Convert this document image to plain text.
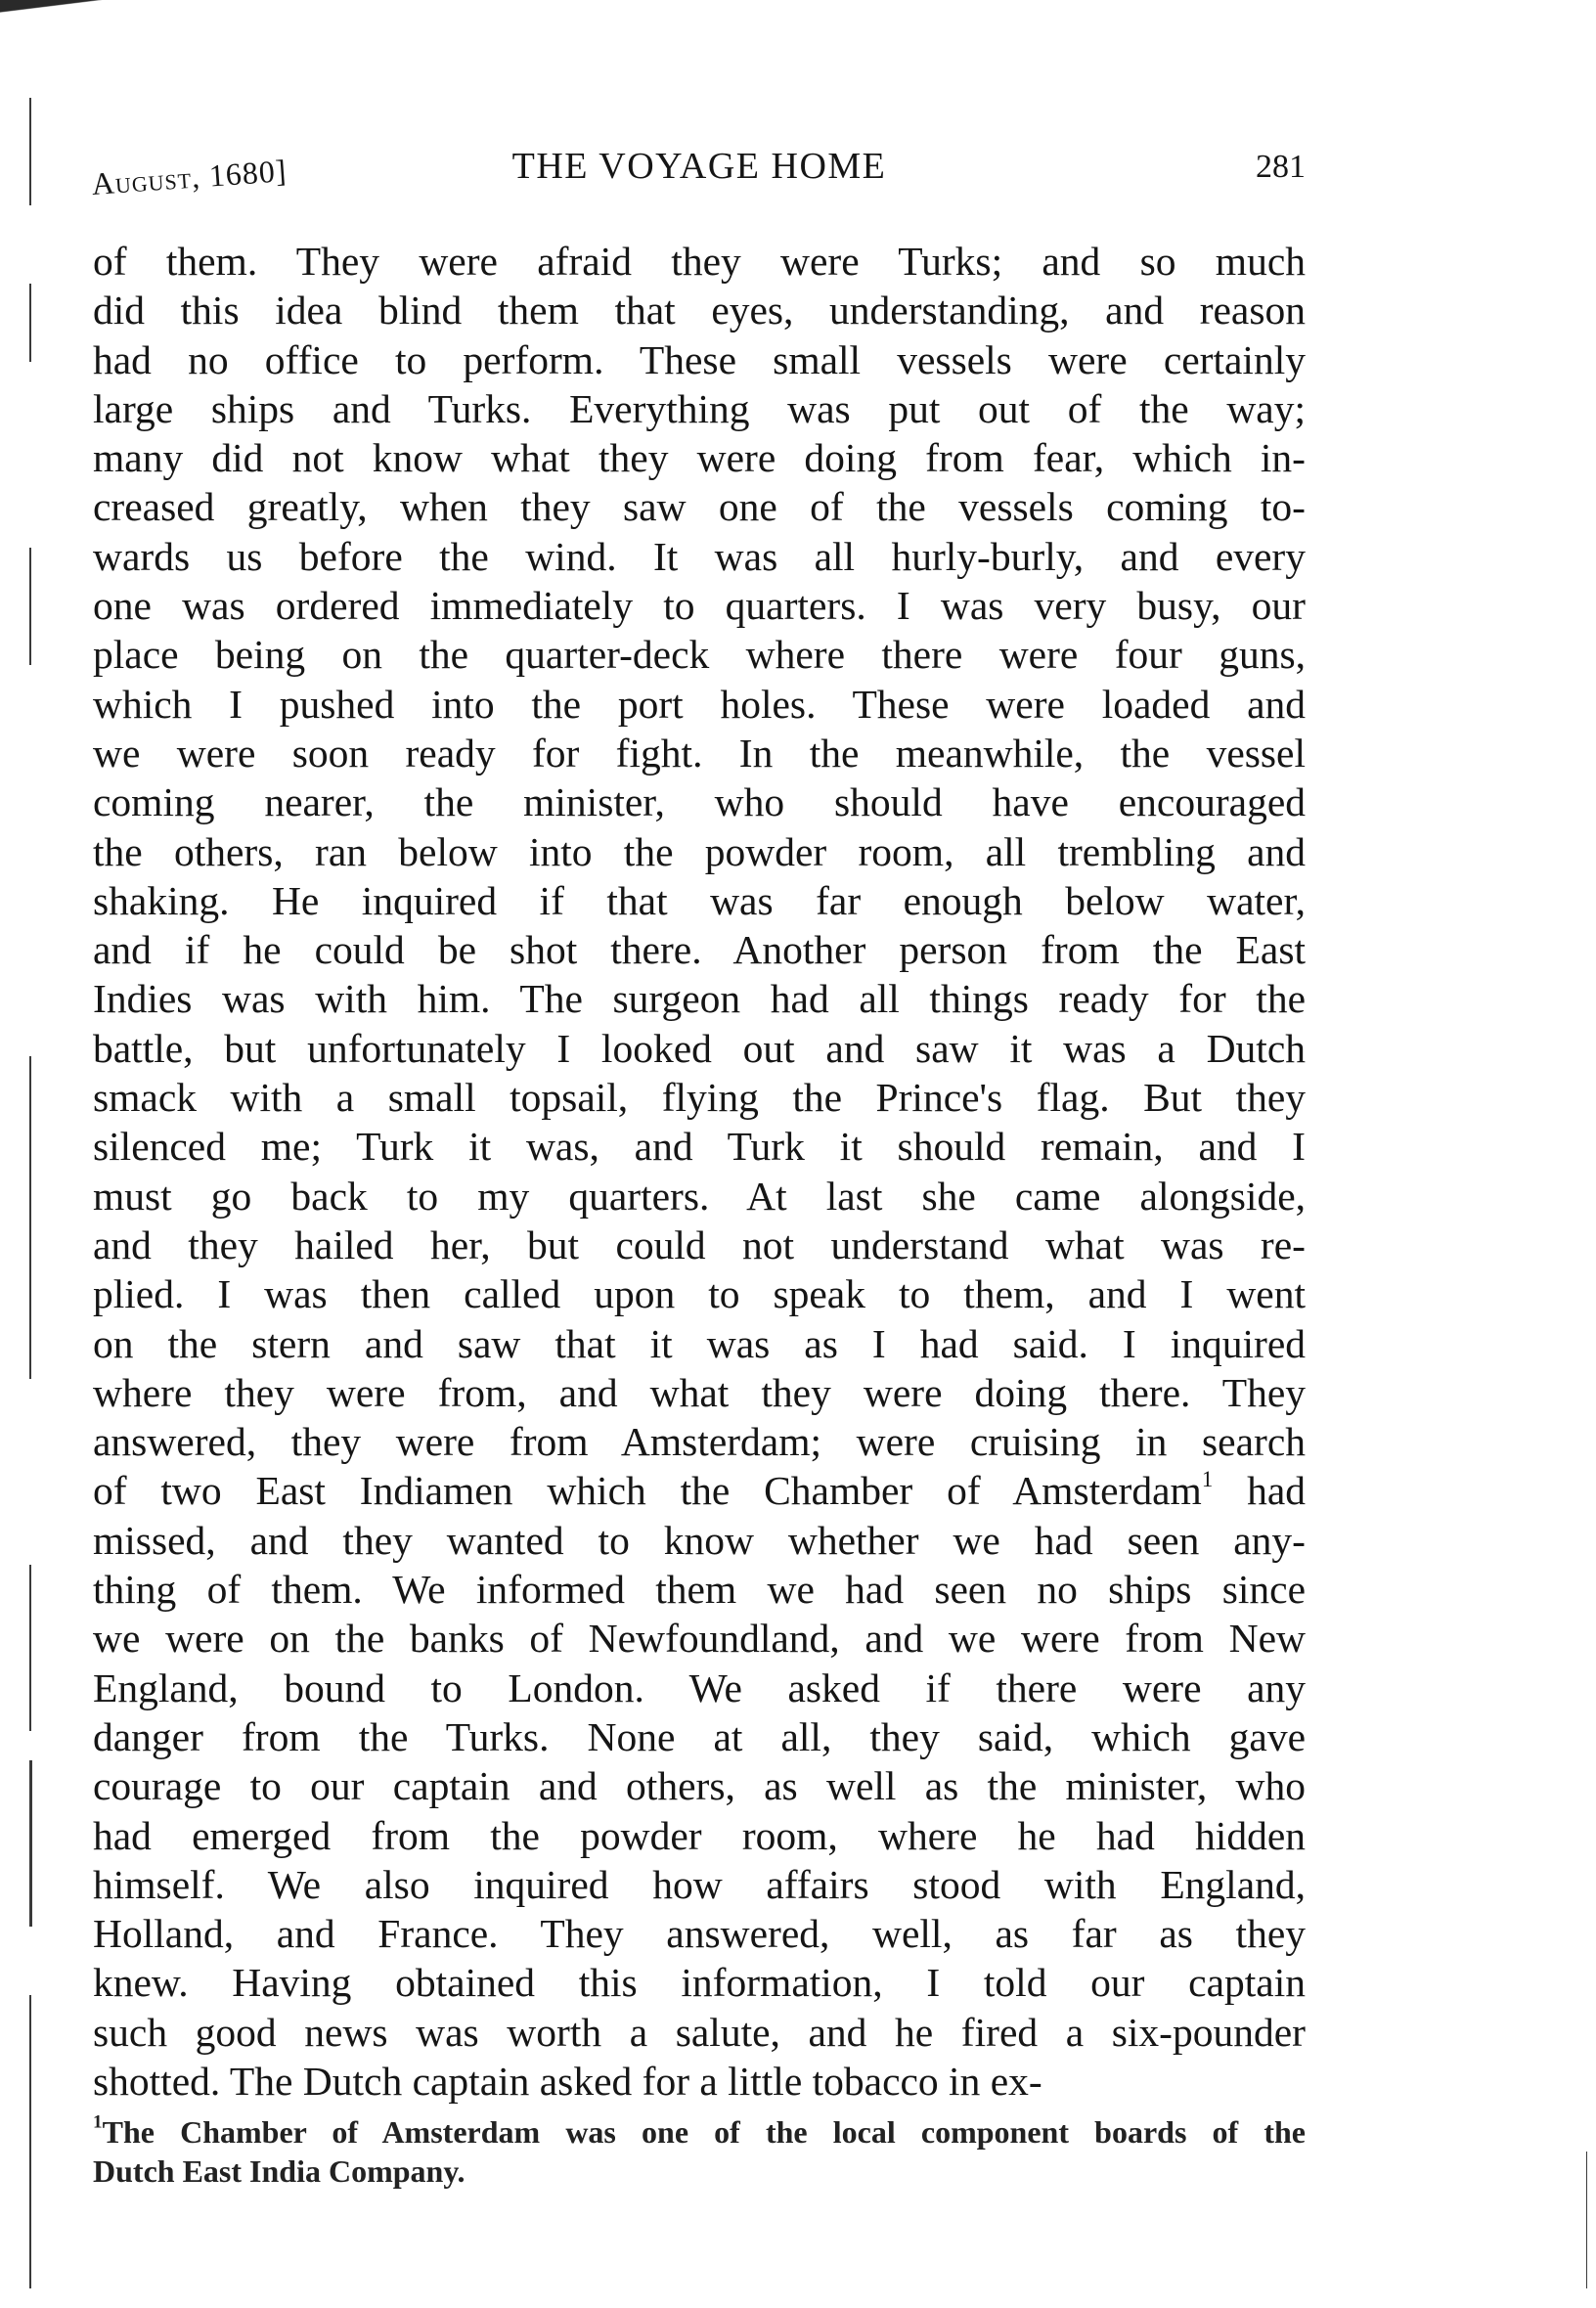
August, 1680]	THE VOYAGE HOME	281
of them. They were afraid they were Turks; and so much
did this idea blind them that eyes, understanding, and reason
had no office to perform. These small vessels were certainly
large ships and Turks. Everything was put out of the way;
many did not know what they were doing from fear, which in-
creased greatly, when they saw one of the vessels coming to-
wards us before the wind. It was all hurly-burly, and every
one was ordered immediately to quarters. I was very busy, our
place being on the quarter-deck where there were four guns,
which I pushed into the port holes. These were loaded and
we were soon ready for fight. In the meanwhile, the vessel
coming nearer, the minister, who should have encouraged
the others, ran below into the powder room, all trembling and
shaking. He inquired if that was far enough below water,
and if he could be shot there. Another person from the East
Indies was with him. The surgeon had all things ready for the
battle, but unfortunately I looked out and saw it was a Dutch
smack with a small topsail, flying the Prince's flag. But they
silenced me; Turk it was, and Turk it should remain, and I
must go back to my quarters. At last she came alongside,
and they hailed her, but could not understand what was re-
plied. I was then called upon to speak to them, and I went
on the stern and saw that it was as I had said. I inquired
where they were from, and what they were doing there. They
answered, they were from Amsterdam; were cruising in search
of two East Indiamen which the Chamber of Amsterdam$^1$ had
missed, and they wanted to know whether we had seen any-
thing of them. We informed them we had seen no ships since
we were on the banks of Newfoundland, and we were from New
England, bound to London. We asked if there were any
danger from the Turks. None at all, they said, which gave
courage to our captain and others, as well as the minister, who
had emerged from the powder room, where he had hidden
himself. We also inquired how affairs stood with England,
Holland, and France. They answered, well, as far as they
knew. Having obtained this information, I told our captain
such good news was worth a salute, and he fired a six-pounder
shotted. The Dutch captain asked for a little tobacco in ex-
$^1$The Chamber of Amsterdam was one of the local component boards of the
Dutch East India Company.
